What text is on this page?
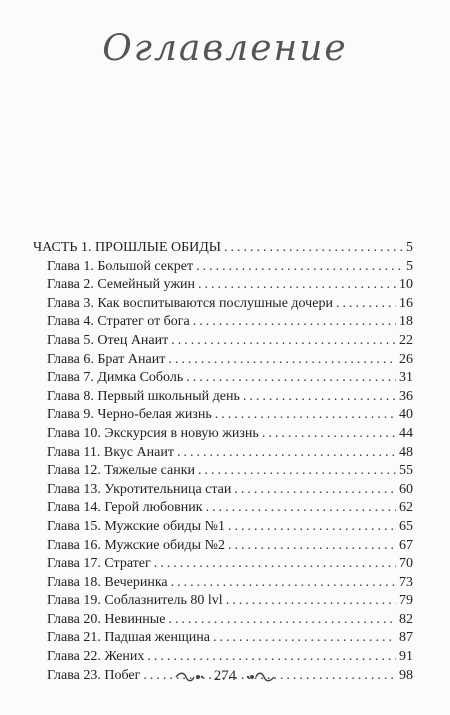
Оглавление
ЧАСТЬ 1. ПРОШЛЫЕ ОБИДЫ .....	5
Глава 1. Большой секрет .....	5
Глава 2. Семейный ужин .....	10
Глава 3. Как воспитываются послушные дочери .....	16
Глава 4. Стратег от бога .....	18
Глава 5. Отец Анаит .....	22
Глава 6. Брат Анаит .....	26
Глава 7. Димка Соболь .....	31
Глава 8. Первый школьный день .....	36
Глава 9. Черно-белая жизнь .....	40
Глава 10. Экскурсия в новую жизнь .....	44
Глава 11. Вкус Анаит .....	48
Глава 12. Тяжелые санки .....	55
Глава 13. Укротительница стаи .....	60
Глава 14. Герой любовник .....	62
Глава 15. Мужские обиды №1 .....	65
Глава 16. Мужские обиды №2 .....	67
Глава 17. Стратег .....	70
Глава 18. Вечеринка .....	73
Глава 19. Соблазнитель 80 lvl .....	79
Глава 20. Невинные .....	82
Глава 21. Падшая женщина .....	87
Глава 22. Жених .....	91
Глава 23. Побег .....	98
274
